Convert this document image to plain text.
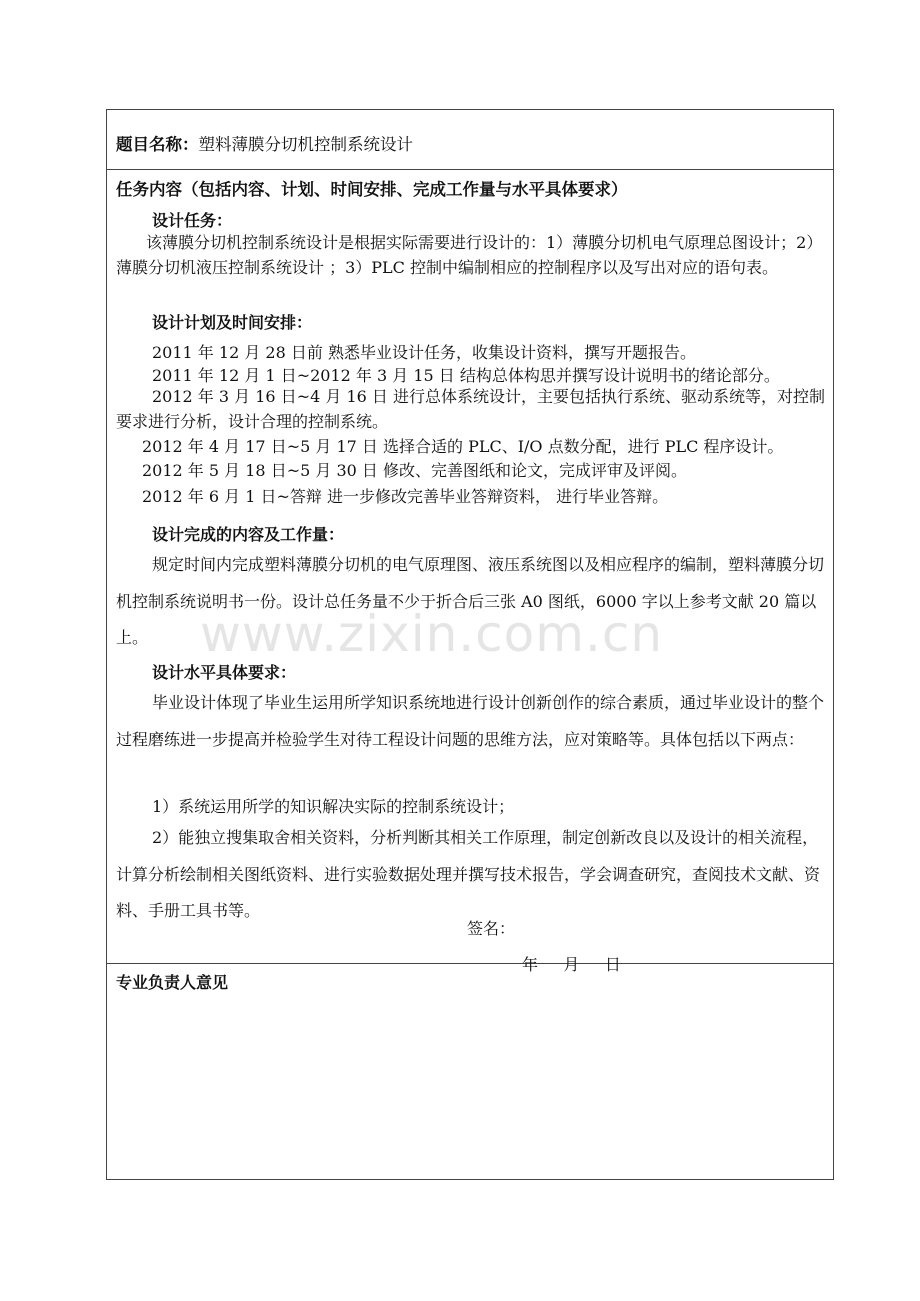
题目名称：塑料薄膜分切机控制系统设计
任务内容（包括内容、计划、时间安排、完成工作量与水平具体要求）
设计任务：
该薄膜分切机控制系统设计是根据实际需要进行设计的：1）薄膜分切机电气原理总图设计；2）薄膜分切机液压控制系统设计 ；3）PLC 控制中编制相应的控制程序以及写出对应的语句表。
设计计划及时间安排：
2011 年 12 月 28 日前 熟悉毕业设计任务，收集设计资料，撰写开题报告。
2011 年 12 月 1 日~2012 年 3 月 15 日 结构总体构思并撰写设计说明书的绪论部分。
2012 年 3 月 16 日~4 月 16 日 进行总体系统设计，主要包括执行系统、驱动系统等，对控制要求进行分析，设计合理的控制系统。
2012 年 4 月 17 日~5 月 17 日 选择合适的 PLC、I/O 点数分配，进行 PLC 程序设计。
2012 年 5 月 18 日~5 月 30 日 修改、完善图纸和论文，完成评审及评阅。
2012 年 6 月 1 日~答辩 进一步修改完善毕业答辩资料， 进行毕业答辩。
设计完成的内容及工作量：
规定时间内完成塑料薄膜分切机的电气原理图、液压系统图以及相应程序的编制，塑料薄膜分切机控制系统说明书一份。设计总任务量不少于折合后三张 A0 图纸，6000 字以上参考文献 20 篇以上。
设计水平具体要求：
毕业设计体现了毕业生运用所学知识系统地进行设计创新创作的综合素质，通过毕业设计的整个过程磨练进一步提高并检验学生对待工程设计问题的思维方法，应对策略等。具体包括以下两点：
1）系统运用所学的知识解决实际的控制系统设计；
2）能独立搜集取舍相关资料，分析判断其相关工作原理，制定创新改良以及设计的相关流程，计算分析绘制相关图纸资料、进行实验数据处理并撰写技术报告，学会调查研究，查阅技术文献、资料、手册工具书等。
专业负责人意见
签名：
年     月     日
www.zixin.com.cn
